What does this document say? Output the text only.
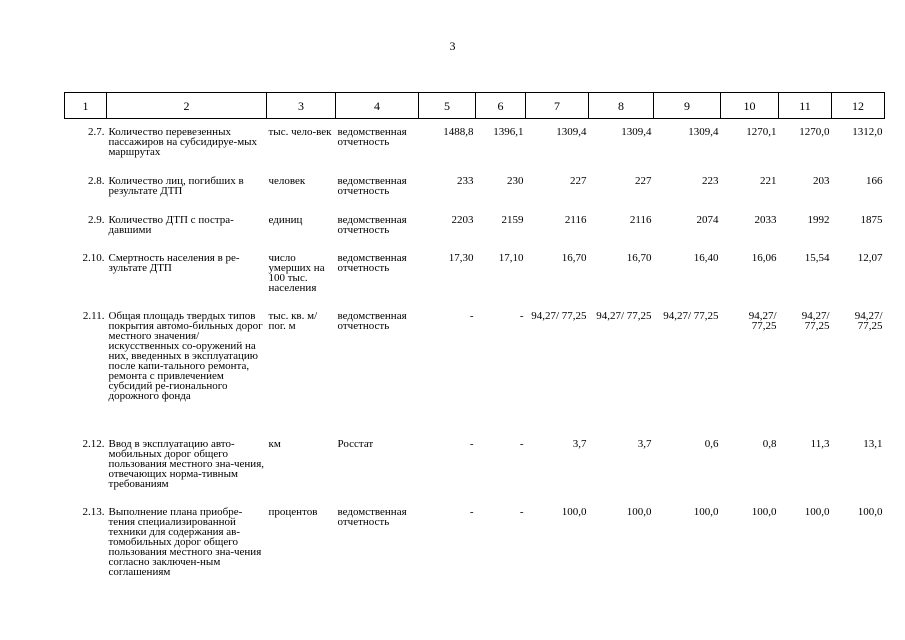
3
1	2	3	4	5	6	7	8	9	10	11	12

2.7.	Количество перевезенных пассажиров на субсидируе-мых маршрутах	тыс. чело-век	ведомственная отчетность	1488,8	1396,1	1309,4	1309,4	1309,4	1270,1	1270,0	1312,0

2.8.	Количество лиц, погибших в результате ДТП	человек	ведомственная отчетность	233	230	227	227	223	221	203	166

2.9.	Количество ДТП с постра-давшими	единиц	ведомственная отчетность	2203	2159	2116	2116	2074	2033	1992	1875

2.10.	Смертность населения в ре-зультате ДТП	число умерших на 100 тыс. населения	ведомственная отчетность	17,30	17,10	16,70	16,70	16,40	16,06	15,54	12,07

2.11.	Общая площадь твердых типов покрытия автомо-бильных дорог местного значения/искусственных со-оружений на них, введенных в эксплуатацию после капи-тального ремонта, ремонта с привлечением субсидий ре-гионального дорожного фонда	тыс. кв. м/пог. м	ведомственная отчетность	-	-	94,27/ 77,25	94,27/ 77,25	94,27/ 77,25	94,27/ 77,25	94,27/ 77,25	94,27/ 77,25

2.12.	Ввод в эксплуатацию авто-мобильных дорог общего пользования местного зна-чения, отвечающих норма-тивным требованиям	км	Росстат	-	-	3,7	3,7	0,6	0,8	11,3	13,1

2.13.	Выполнение плана приобре-тения специализированной техники для содержания ав-томобильных дорог общего пользования местного зна-чения согласно заключен-ным соглашениям	процентов	ведомственная отчетность	-	-	100,0	100,0	100,0	100,0	100,0	100,0
